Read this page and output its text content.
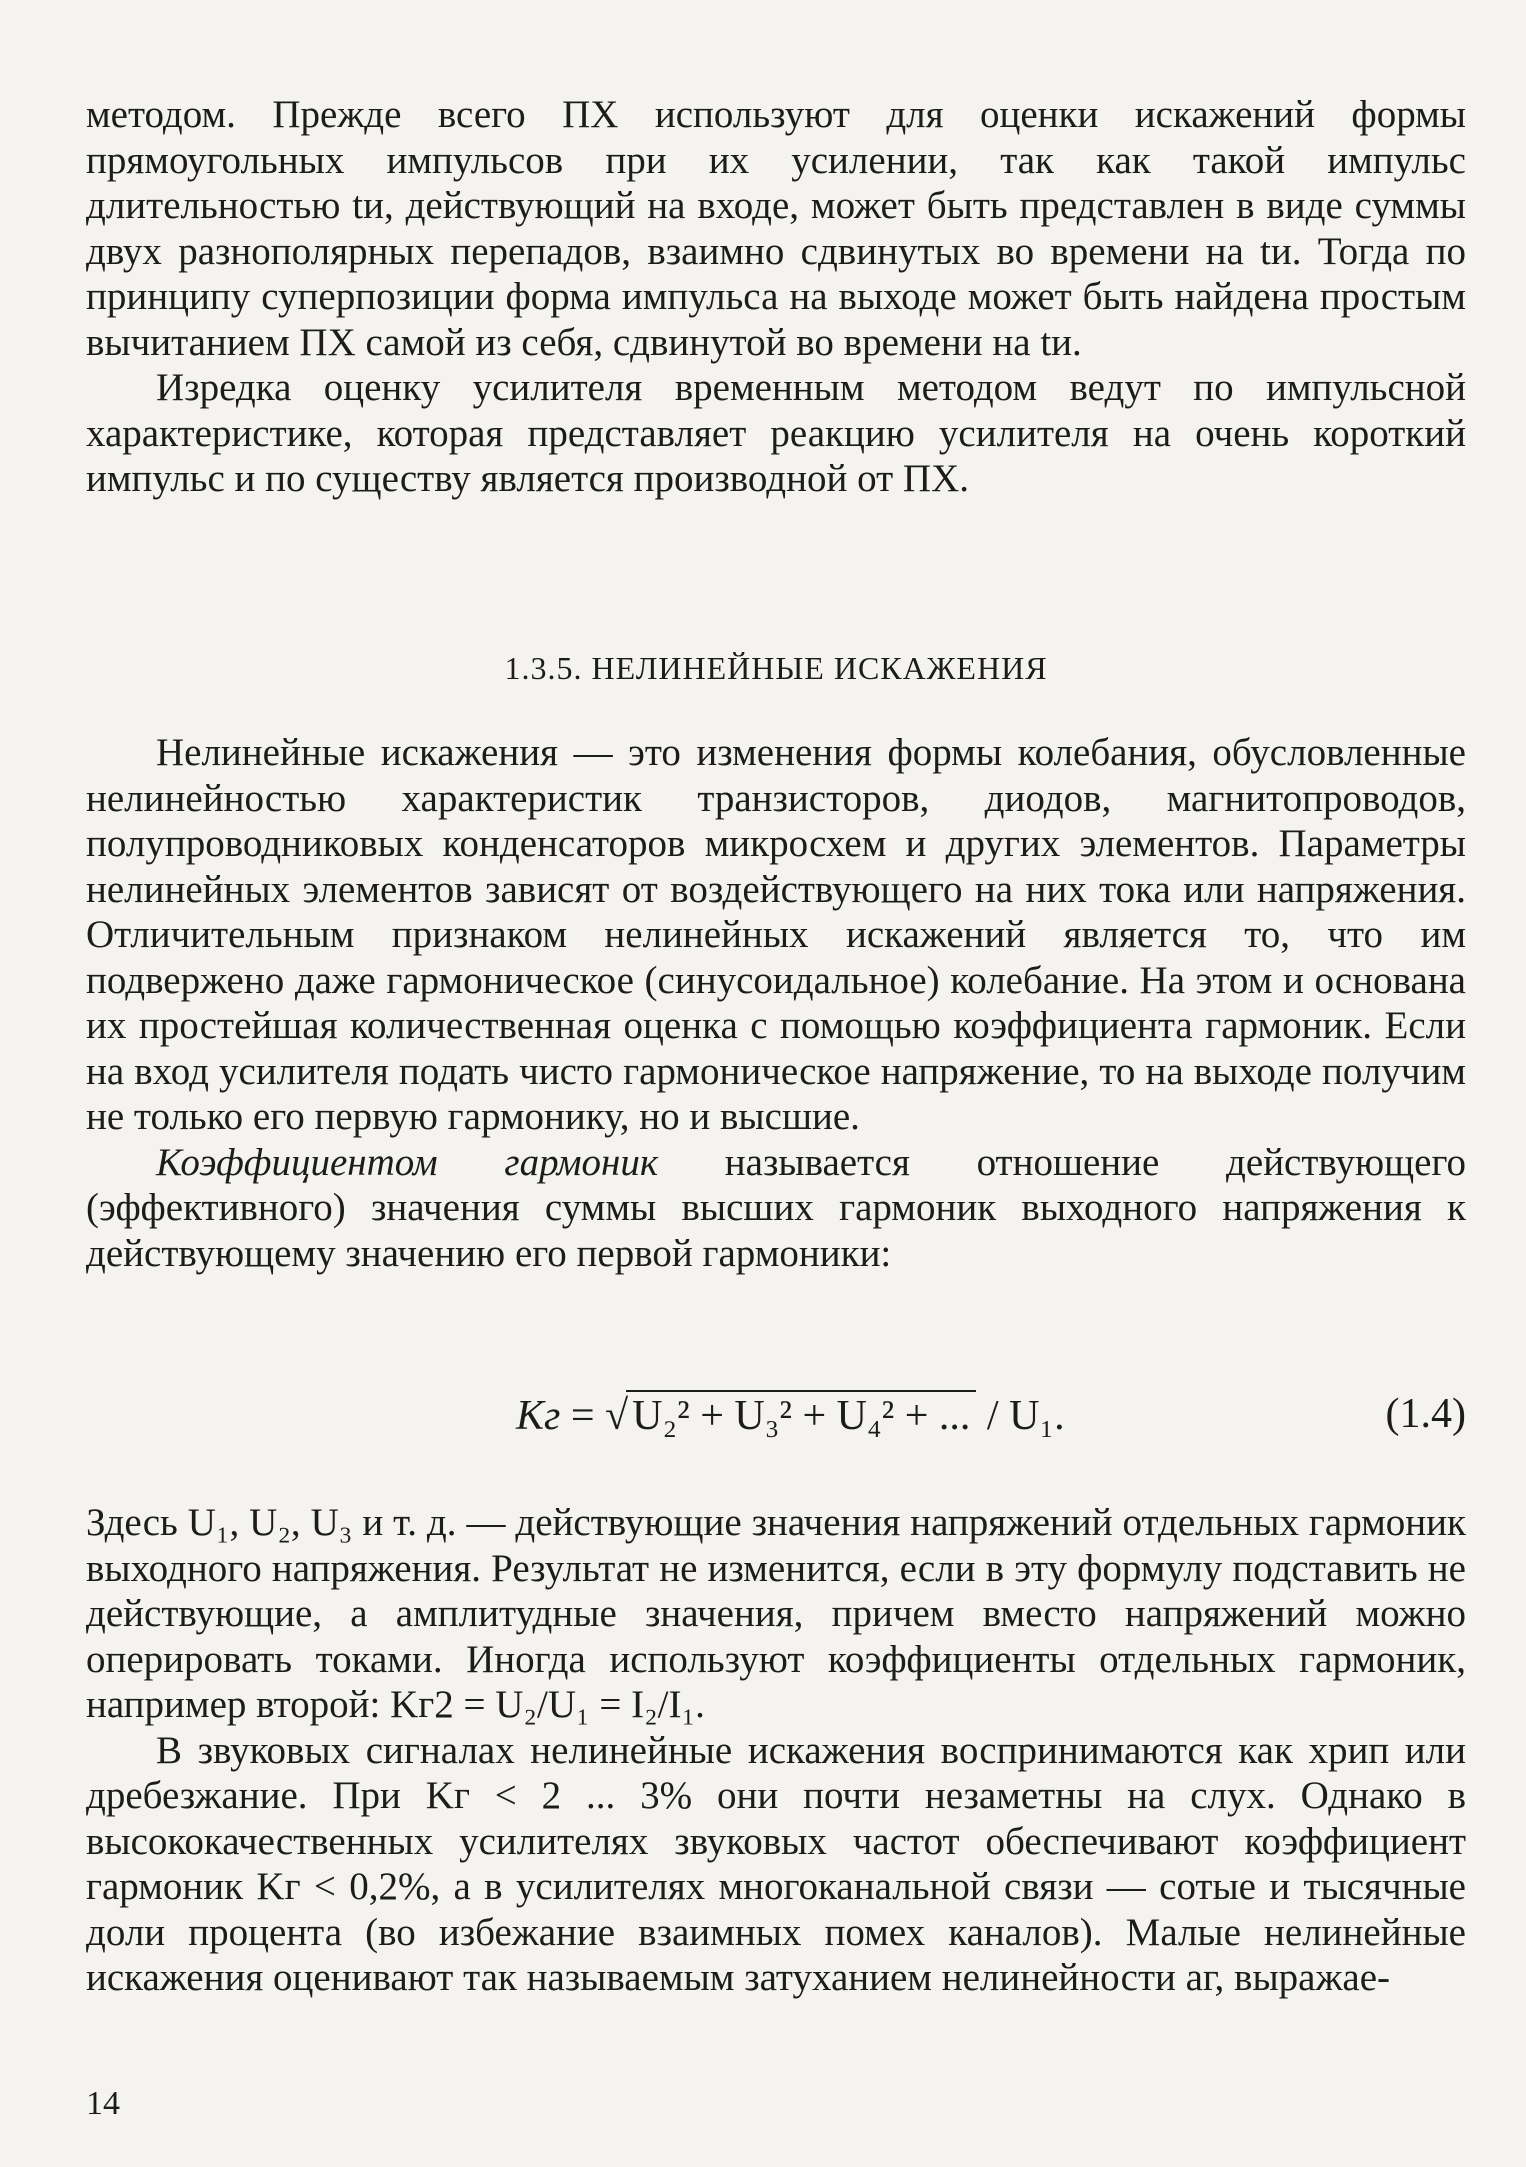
методом. Прежде всего ПХ используют для оценки искажений формы прямоугольных импульсов при их усилении, так как такой импульс длительностью tи, действующий на входе, может быть представлен в виде суммы двух разнополярных перепадов, взаимно сдвинутых во времени на tи. Тогда по принципу суперпозиции форма импульса на выходе может быть найдена простым вычитанием ПХ самой из себя, сдвинутой во времени на tи.

Изредка оценку усилителя временным методом ведут по импульсной характеристике, которая представляет реакцию усилителя на очень короткий импульс и по существу является производной от ПХ.

1.3.5. НЕЛИНЕЙНЫЕ ИСКАЖЕНИЯ

Нелинейные искажения — это изменения формы колебания, обусловленные нелинейностью характеристик транзисторов, диодов, магнитопроводов, полупроводниковых конденсаторов микросхем и других элементов. Параметры нелинейных элементов зависят от воздействующего на них тока или напряжения. Отличительным признаком нелинейных искажений является то, что им подвержено даже гармоническое (синусоидальное) колебание. На этом и основана их простейшая количественная оценка с помощью коэффициента гармоник. Если на вход усилителя подать чисто гармоническое напряжение, то на выходе получим не только его первую гармонику, но и высшие.

Коэффициентом гармоник называется отношение действующего (эффективного) значения суммы высших гармоник выходного напряжения к действующему значению его первой гармоники:

Kг = √U₂² + U₃² + U₄² + ... / U₁.	(1.4)

Здесь U₁, U₂, U₃ и т. д. — действующие значения напряжений отдельных гармоник выходного напряжения. Результат не изменится, если в эту формулу подставить не действующие, а амплитудные значения, причем вместо напряжений можно оперировать токами. Иногда используют коэффициенты отдельных гармоник, например второй: Kг2 = U₂/U₁ = I₂/I₁.

В звуковых сигналах нелинейные искажения воспринимаются как хрип или дребезжание. При Kг < 2 ... 3% они почти незаметны на слух. Однако в высококачественных усилителях звуковых частот обеспечивают коэффициент гармоник Kг < 0,2%, а в усилителях многоканальной связи — сотые и тысячные доли процента (во избежание взаимных помех каналов). Малые нелинейные искажения оценивают так называемым затуханием нелинейности aг, выражае-

14
